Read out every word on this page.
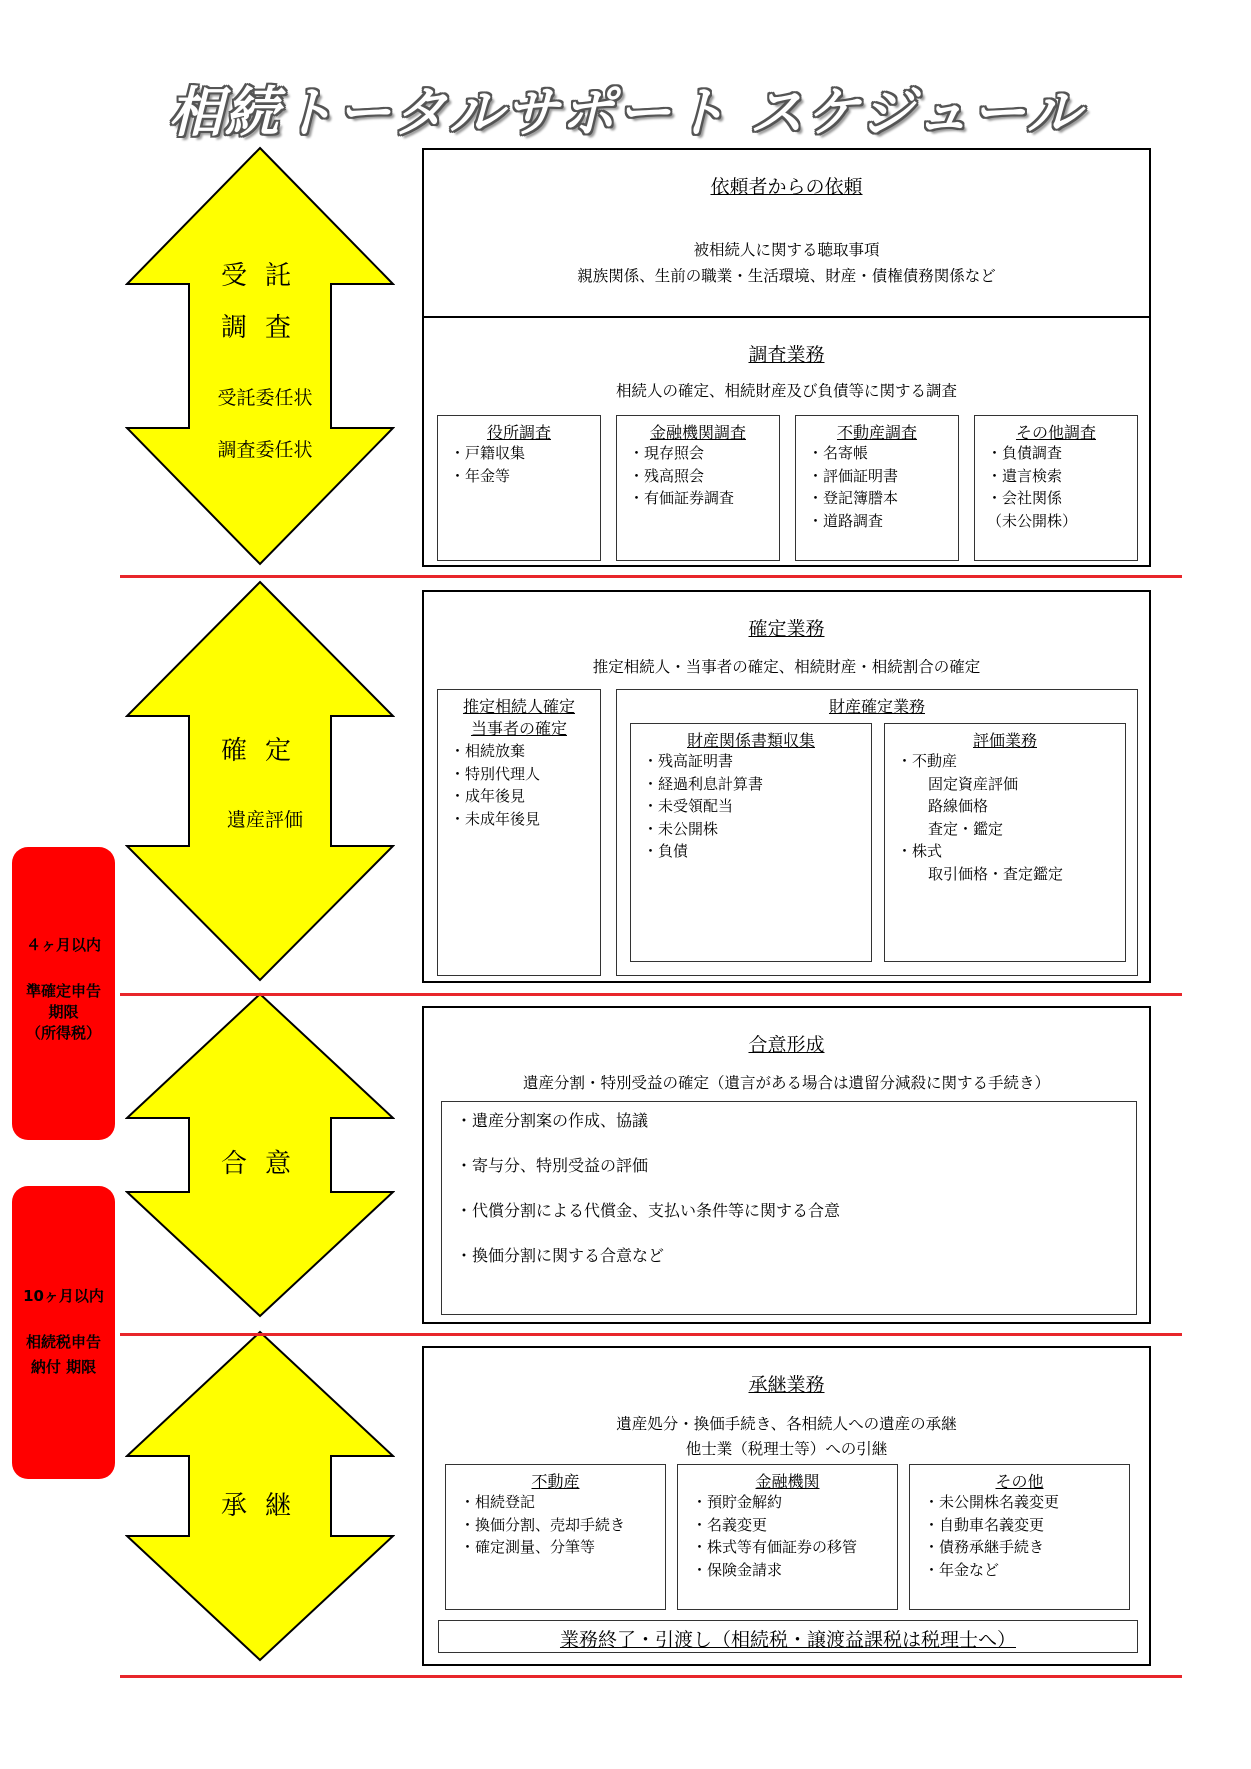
相続トータルサポート スケジュール
受託
調査
受託委任状
調査委任状
確定
遺産評価
合意
承継
４ヶ月以内
準確定申告
期限
（所得税）
10ヶ月以内
相続税申告
納付 期限
依頼者からの依頼
被相続人に関する聴取事項
親族関係、生前の職業・生活環境、財産・債権債務関係など
調査業務
相続人の確定、相続財産及び負債等に関する調査
役所調査
・戸籍収集
・年金等
金融機関調査
・現存照会
・残高照会
・有価証券調査
不動産調査
・名寄帳
・評価証明書
・登記簿謄本
・道路調査
その他調査
・負債調査
・遺言検索
・会社関係
（未公開株）
確定業務
推定相続人・当事者の確定、相続財産・相続割合の確定
推定相続人確定
当事者の確定
・相続放棄
・特別代理人
・成年後見
・未成年後見
財産確定業務
財産関係書類収集
・残高証明書
・経過利息計算書
・未受領配当
・未公開株
・負債
評価業務
・不動産
　固定資産評価
　路線価格
　査定・鑑定
・株式
　取引価格・査定鑑定
合意形成
遺産分割・特別受益の確定（遺言がある場合は遺留分減殺に関する手続き）
・遺産分割案の作成、協議
・寄与分、特別受益の評価
・代償分割による代償金、支払い条件等に関する合意
・換価分割に関する合意など
承継業務
遺産処分・換価手続き、各相続人への遺産の承継
他士業（税理士等）への引継
不動産
・相続登記
・換価分割、売却手続き
・確定測量、分筆等
金融機関
・預貯金解約
・名義変更
・株式等有価証券の移管
・保険金請求
その他
・未公開株名義変更
・自動車名義変更
・債務承継手続き
・年金など
業務終了・引渡し（相続税・譲渡益課税は税理士へ）
